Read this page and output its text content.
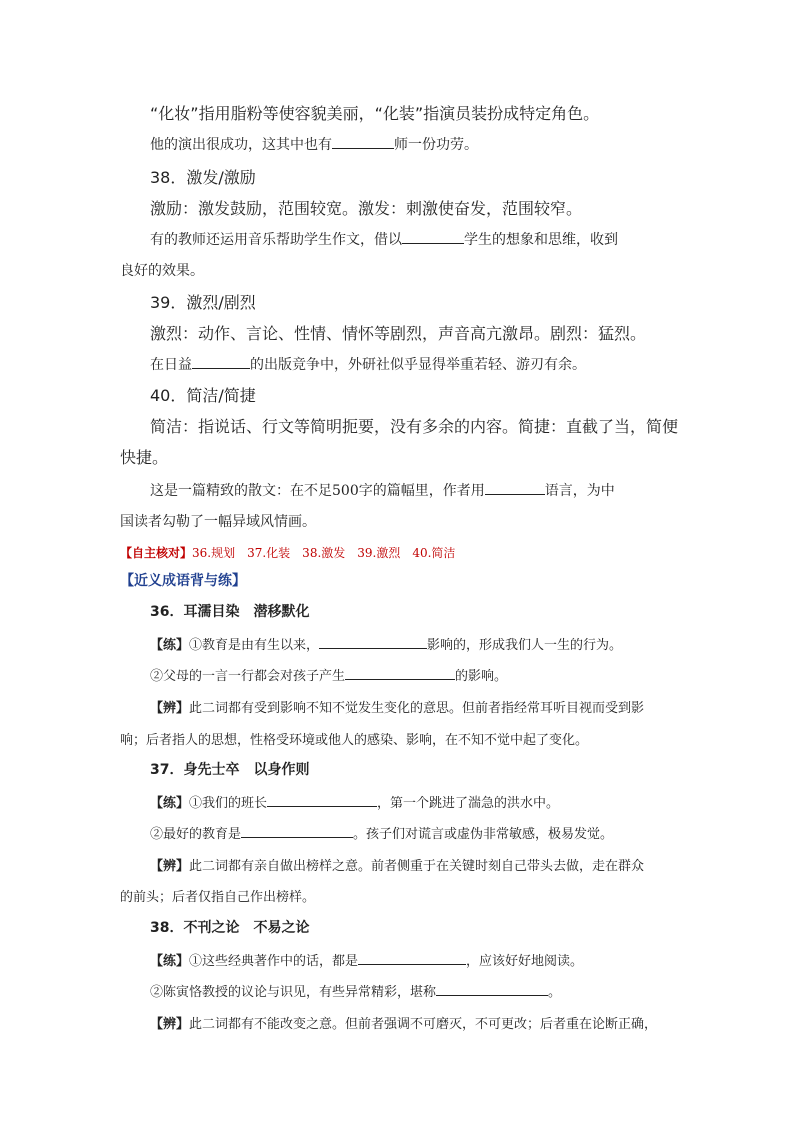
“化妆”指用脂粉等使容貌美丽，“化装”指演员装扮成特定角色。
他的演出很成功，这其中也有	师一份功劳。
38．激发/激励
激励：激发鼓励，范围较宽。激发：刺激使奋发，范围较窄。
有的教师还运用音乐帮助学生作文，借以	学生的想象和思维，收到
良好的效果。
39．激烈/剧烈
激烈：动作、言论、性情、情怀等剧烈，声音高亢激昂。剧烈：猛烈。
在日益	的出版竞争中，外研社似乎显得举重若轻、游刃有余。
40．简洁/简捷
简洁：指说话、行文等简明扼要，没有多余的内容。简捷：直截了当，简便
快捷。
这是一篇精致的散文：在不足500字的篇幅里，作者用	语言，为中
国读者勾勒了一幅异域风情画。
【自主核对】36.规划　37.化装　38.激发　39.激烈　40.简洁
【近义成语背与练】
36．耳濡目染　潜移默化
【练】①教育是由有生以来，	影响的，形成我们人一生的行为。
②父母的一言一行都会对孩子产生	的影响。
【辨】此二词都有受到影响不知不觉发生变化的意思。但前者指经常耳听目视而受到影
响；后者指人的思想，性格受环境或他人的感染、影响，在不知不觉中起了变化。
37．身先士卒　以身作则
【练】①我们的班长	，第一个跳进了湍急的洪水中。
②最好的教育是	。孩子们对谎言或虚伪非常敏感，极易发觉。
【辨】此二词都有亲自做出榜样之意。前者侧重于在关键时刻自己带头去做，走在群众
的前头；后者仅指自己作出榜样。
38．不刊之论　不易之论
【练】①这些经典著作中的话，都是	，应该好好地阅读。
②陈寅恪教授的议论与识见，有些异常精彩，堪称	。
【辨】此二词都有不能改变之意。但前者强调不可磨灭，不可更改；后者重在论断正确，
